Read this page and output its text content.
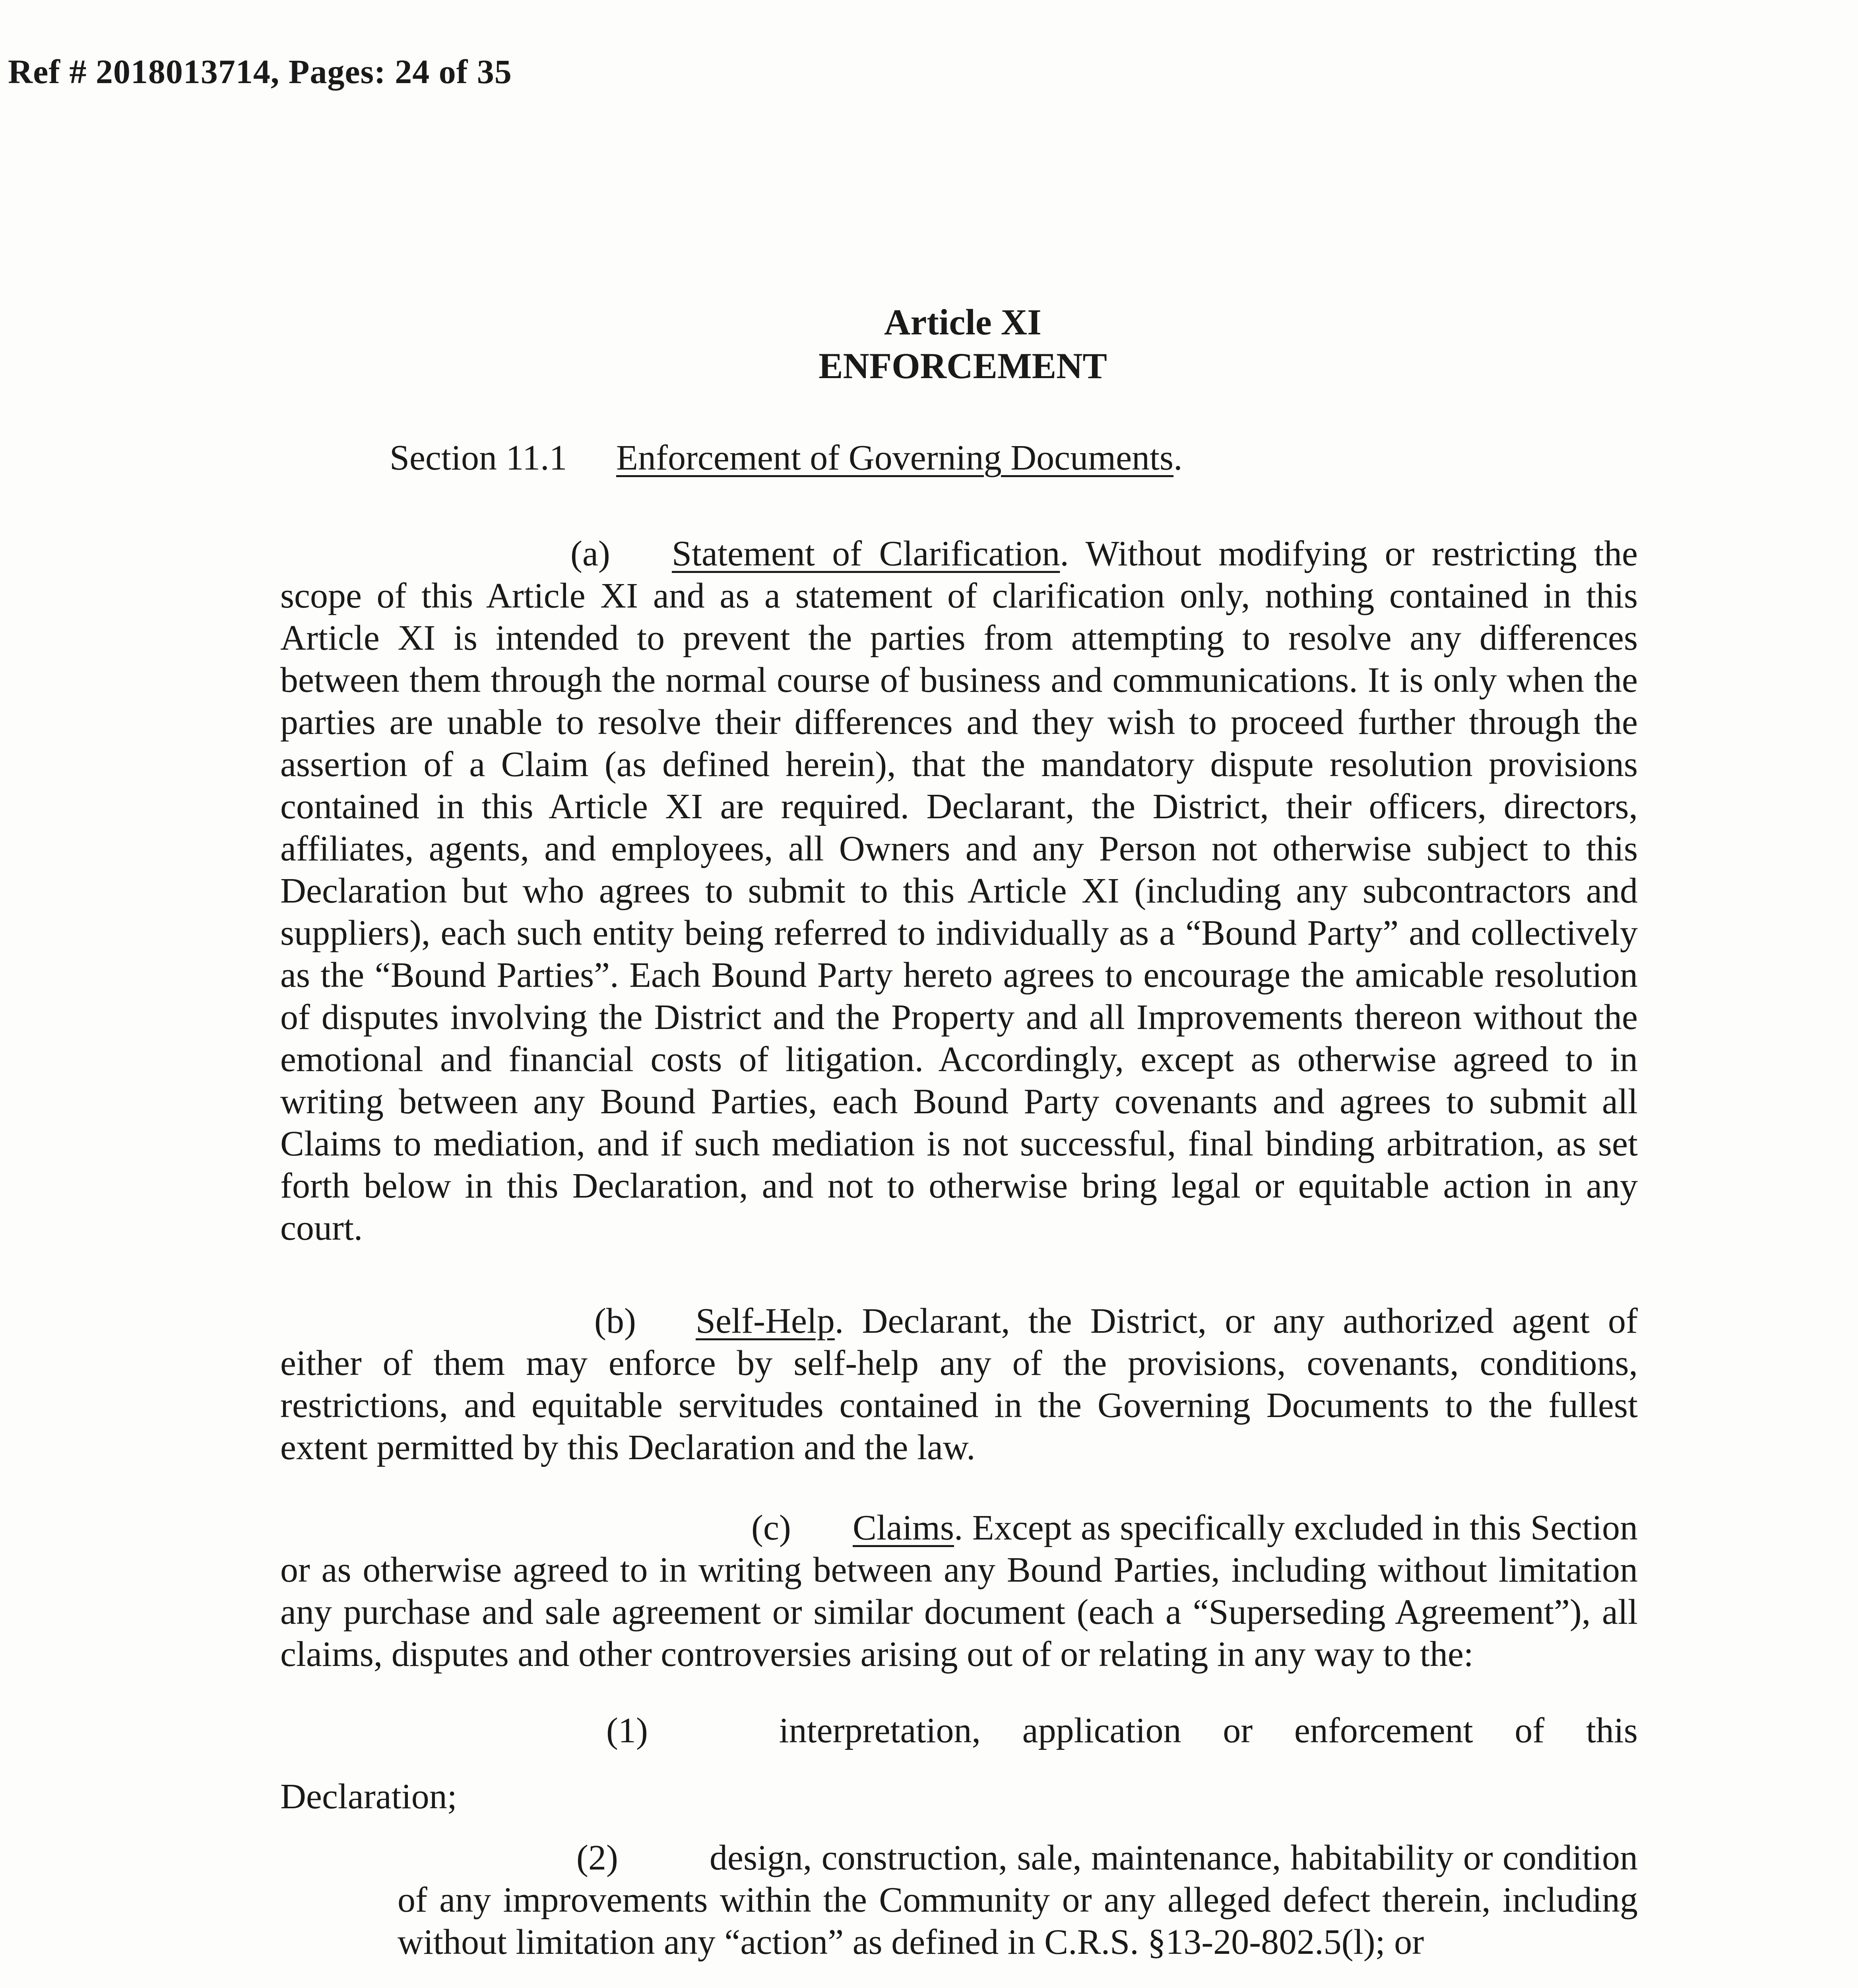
Ref # 2018013714, Pages: 24 of 35
Article XI
ENFORCEMENT
Section 11.1 Enforcement of Governing Documents.
(a) Statement of Clarification. Without modifying or restricting the scope of this Article XI and as a statement of clarification only, nothing contained in this Article XI is intended to prevent the parties from attempting to resolve any differences between them through the normal course of business and communications. It is only when the parties are unable to resolve their differences and they wish to proceed further through the assertion of a Claim (as defined herein), that the mandatory dispute resolution provisions contained in this Article XI are required. Declarant, the District, their officers, directors, affiliates, agents, and employees, all Owners and any Person not otherwise subject to this Declaration but who agrees to submit to this Article XI (including any subcontractors and suppliers), each such entity being referred to individually as a “Bound Party” and collectively as the “Bound Parties”. Each Bound Party hereto agrees to encourage the amicable resolution of disputes involving the District and the Property and all Improvements thereon without the emotional and financial costs of litigation. Accordingly, except as otherwise agreed to in writing between any Bound Parties, each Bound Party covenants and agrees to submit all Claims to mediation, and if such mediation is not successful, final binding arbitration, as set forth below in this Declaration, and not to otherwise bring legal or equitable action in any court.
(b) Self-Help. Declarant, the District, or any authorized agent of either of them may enforce by self-help any of the provisions, covenants, conditions, restrictions, and equitable servitudes contained in the Governing Documents to the fullest extent permitted by this Declaration and the law.
(c) Claims. Except as specifically excluded in this Section or as otherwise agreed to in writing between any Bound Parties, including without limitation any purchase and sale agreement or similar document (each a “Superseding Agreement”), all claims, disputes and other controversies arising out of or relating in any way to the:
(1)	interpretation, application or enforcement of this
Declaration;
(2)	design, construction, sale, maintenance, habitability or condition of any improvements within the Community or any alleged defect therein, including without limitation any “action” as defined in C.R.S. §13-20-802.5(l); or
